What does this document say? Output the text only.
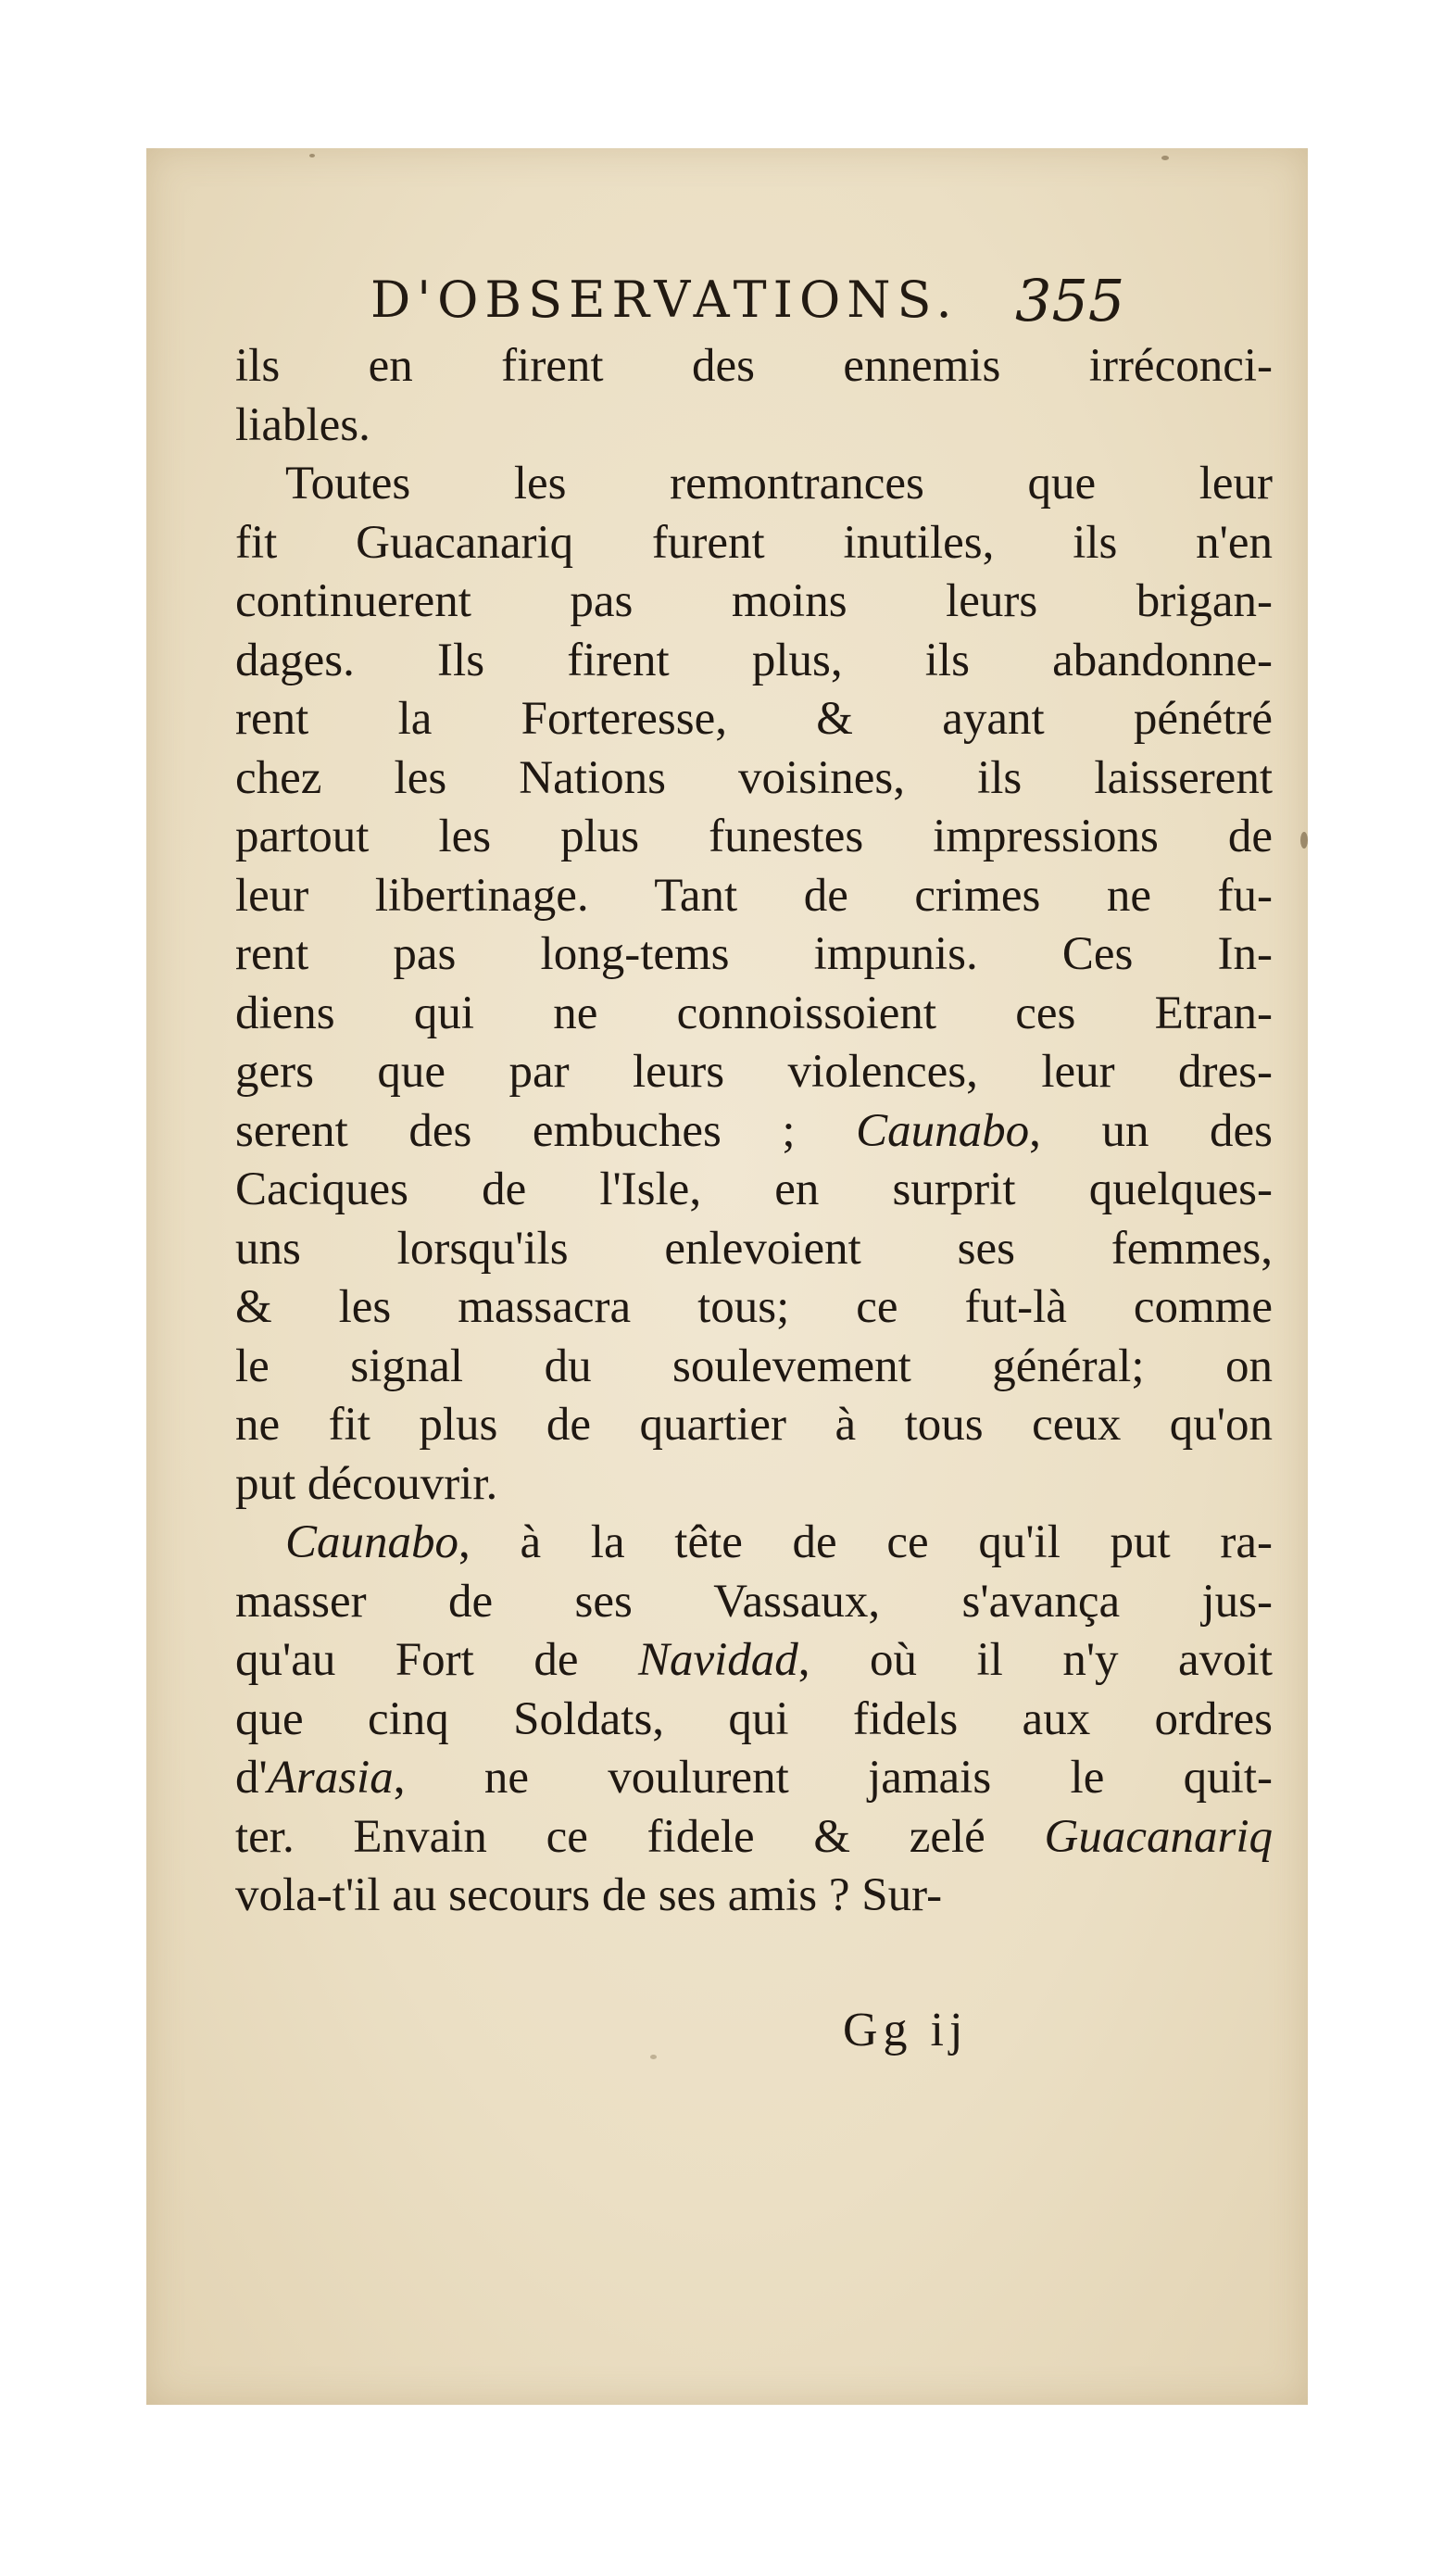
D'OBSERVATIONS. 355
ils en firent des ennemis irréconci-
liables.
Toutes les remontrances que leur
fit Guacanariq furent inutiles, ils n'en
continuerent pas moins leurs brigan-
dages. Ils firent plus, ils abandonne-
rent la Forteresse, & ayant pénétré
chez les Nations voisines, ils laisserent
partout les plus funestes impressions de
leur libertinage. Tant de crimes ne fu-
rent pas long-tems impunis. Ces In-
diens qui ne connoissoient ces Etran-
gers que par leurs violences, leur dres-
serent des embuches ; Caunabo, un des
Caciques de l'Isle, en surprit quelques-
uns lorsqu'ils enlevoient ses femmes,
& les massacra tous; ce fut-là comme
le signal du soulevement général; on
ne fit plus de quartier à tous ceux qu'on
put découvrir.
Caunabo, à la tête de ce qu'il put ra-
masser de ses Vassaux, s'avança jus-
qu'au Fort de Navidad, où il n'y avoit
que cinq Soldats, qui fidels aux ordres
d'Arasia, ne voulurent jamais le quit-
ter. Envain ce fidele & zelé Guacanariq
vola-t'il au secours de ses amis ? Sur-
Gg ij
